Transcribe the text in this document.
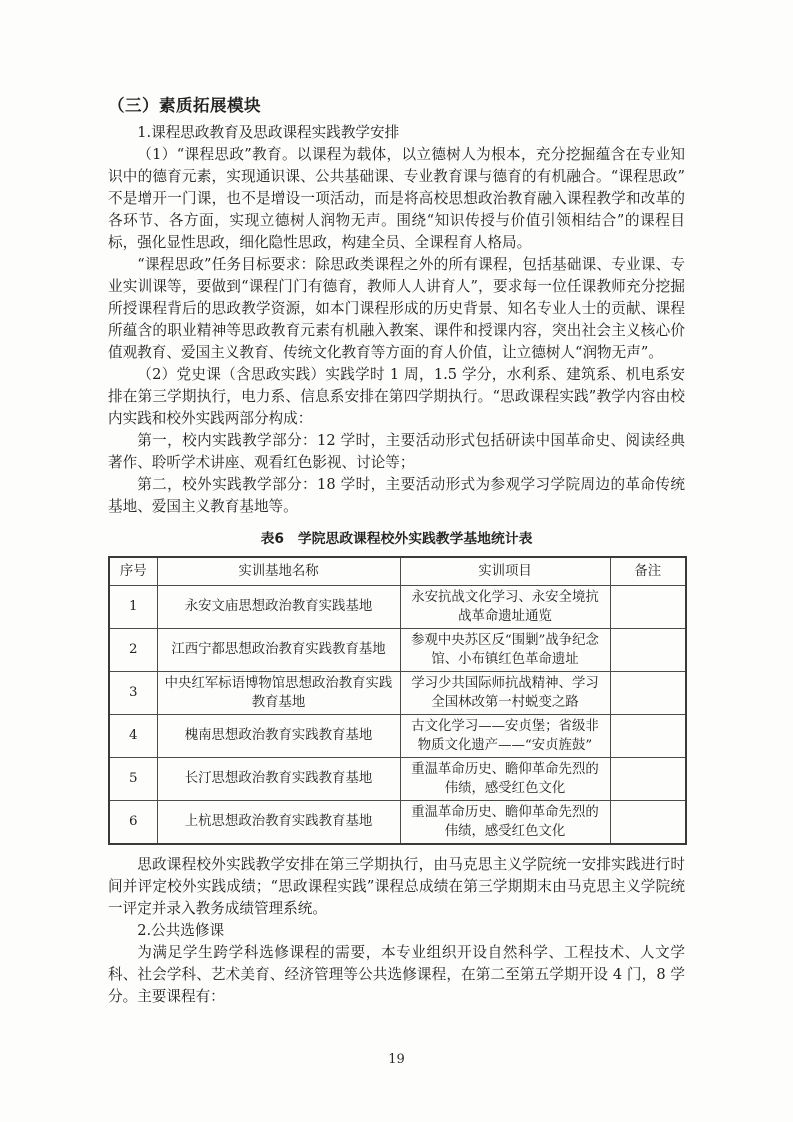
（三）素质拓展模块
1.课程思政教育及思政课程实践教学安排

（1）“课程思政”教育。以课程为载体，以立德树人为根本，充分挖掘蕴含在专业知识中的德育元素，实现通识课、公共基础课、专业教育课与德育的有机融合。“课程思政”不是增开一门课，也不是增设一项活动，而是将高校思想政治教育融入课程教学和改革的各环节、各方面，实现立德树人润物无声。围绕“知识传授与价值引领相结合”的课程目标，强化显性思政，细化隐性思政，构建全员、全课程育人格局。

“课程思政”任务目标要求：除思政类课程之外的所有课程，包括基础课、专业课、专业实训课等，要做到“课程门门有德育，教师人人讲育人”，要求每一位任课教师充分挖掘所授课程背后的思政教学资源，如本门课程形成的历史背景、知名专业人士的贡献、课程所蕴含的职业精神等思政教育元素有机融入教案、课件和授课内容，突出社会主义核心价值观教育、爱国主义教育、传统文化教育等方面的育人价值，让立德树人“润物无声”。

（2）党史课（含思政实践）实践学时 1 周，1.5 学分，水利系、建筑系、机电系安排在第三学期执行，电力系、信息系安排在第四学期执行。“思政课程实践”教学内容由校内实践和校外实践两部分构成：

第一，校内实践教学部分：12 学时，主要活动形式包括研读中国革命史、阅读经典著作、聆听学术讲座、观看红色影视、讨论等；

第二，校外实践教学部分：18 学时，主要活动形式为参观学习学院周边的革命传统基地、爱国主义教育基地等。

表6　学院思政课程校外实践教学基地统计表
序号	实训基地名称	实训项目	备注
1	永安文庙思想政治教育实践基地	永安抗战文化学习、永安全境抗战革命遗址通览	
2	江西宁都思想政治教育实践教育基地	参观中央苏区反“围剿”战争纪念馆、小布镇红色革命遗址	
3	中央红军标语博物馆思想政治教育实践教育基地	学习少共国际师抗战精神、学习全国林改第一村蜕变之路	
4	槐南思想政治教育实践教育基地	古文化学习——安贞堡；省级非物质文化遗产——“安贞旌鼓”	
5	长汀思想政治教育实践教育基地	重温革命历史、瞻仰革命先烈的伟绩，感受红色文化	
6	上杭思想政治教育实践教育基地	重温革命历史、瞻仰革命先烈的伟绩，感受红色文化	

思政课程校外实践教学安排在第三学期执行，由马克思主义学院统一安排实践进行时间并评定校外实践成绩；“思政课程实践”课程总成绩在第三学期期末由马克思主义学院统一评定并录入教务成绩管理系统。

2.公共选修课

为满足学生跨学科选修课程的需要，本专业组织开设自然科学、工程技术、人文学科、社会学科、艺术美育、经济管理等公共选修课程，在第二至第五学期开设 4 门，8 学分。主要课程有：

19
